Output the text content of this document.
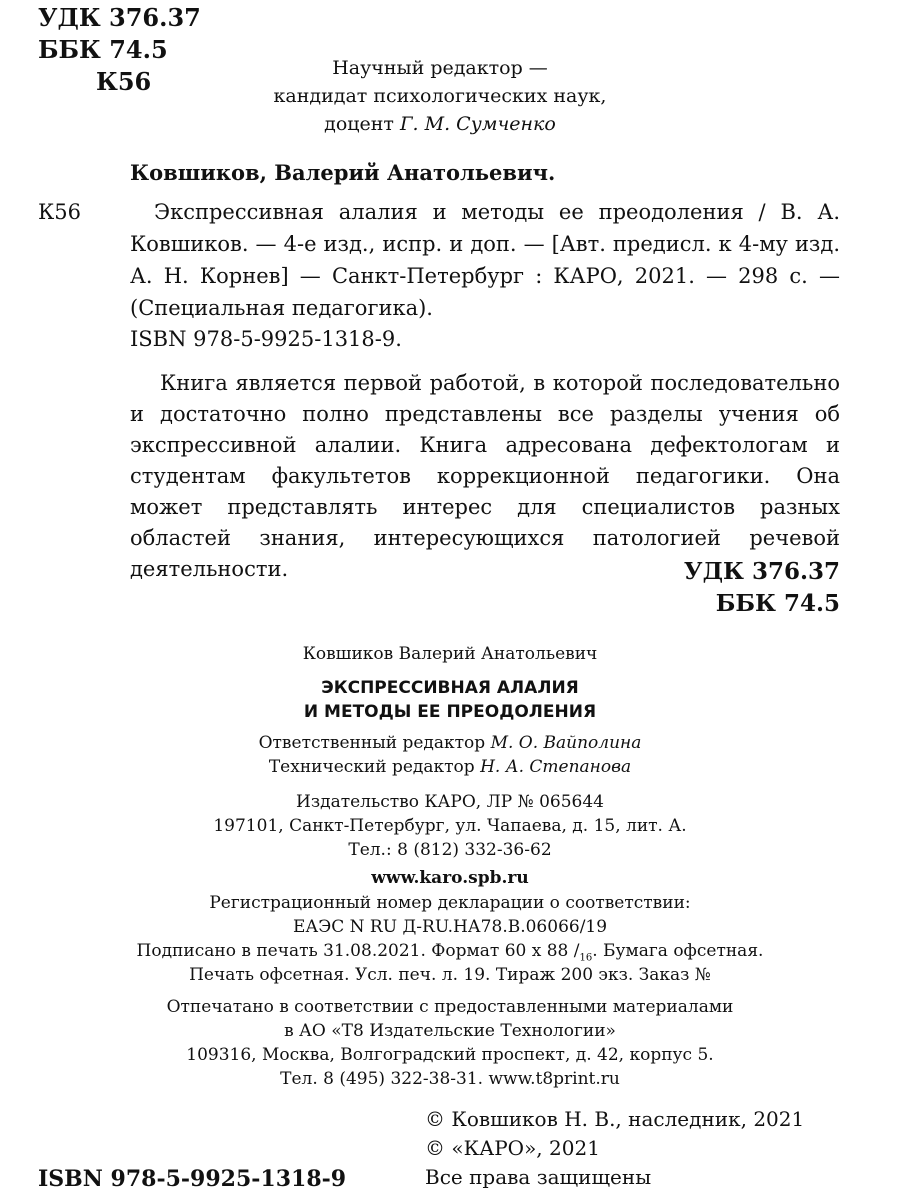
УДК 376.37
ББК 74.5
К56	Научный редактор —
кандидат психологических наук,
доцент Г. М. Сумченко
Ковшиков, Валерий Анатольевич.
К56	Экспрессивная алалия и методы ее преодоления / В. А. Ковшиков. — 4-е изд., испр. и доп. — [Авт. предисл. к 4-му изд. А. Н. Корнев] — Санкт-Петербург : КАРО, 2021. — 298 с. — (Специальная педагогика).
ISBN 978-5-9925-1318-9.
Книга является первой работой, в которой последовательно и достаточно полно представлены все разделы учения об экспрессивной алалии. Книга адресована дефектологам и студентам факультетов коррекционной педагогики. Она может представлять интерес для специалистов разных областей знания, интересующихся патологией речевой деятельности.	УДК 376.37
ББК 74.5
Ковшиков Валерий Анатольевич
ЭКСПРЕССИВНАЯ АЛАЛИЯ
И МЕТОДЫ ЕЕ ПРЕОДОЛЕНИЯ
Ответственный редактор М. О. Вайполина
Технический редактор Н. А. Степанова
Издательство КАРО, ЛР № 065644
197101, Санкт-Петербург, ул. Чапаева, д. 15, лит. А.
Тел.: 8 (812) 332-36-62
www.karo.spb.ru
Регистрационный номер декларации о соответствии:
ЕАЭС N RU Д-RU.НА78.В.06066/19
Подписано в печать 31.08.2021. Формат 60 х 88 $/_{16}$. Бумага офсетная.
Печать офсетная. Усл. печ. л. 19. Тираж 200 экз. Заказ №
Отпечатано в соответствии с предоставленными материалами
в АО «Т8 Издательские Технологии»
109316, Москва, Волгоградский проспект, д. 42, корпус 5.
Тел. 8 (495) 322-38-31. www.t8print.ru
© Ковшиков Н. В., наследник, 2021
© «КАРО», 2021
Все права защищены
ISBN 978-5-9925-1318-9
